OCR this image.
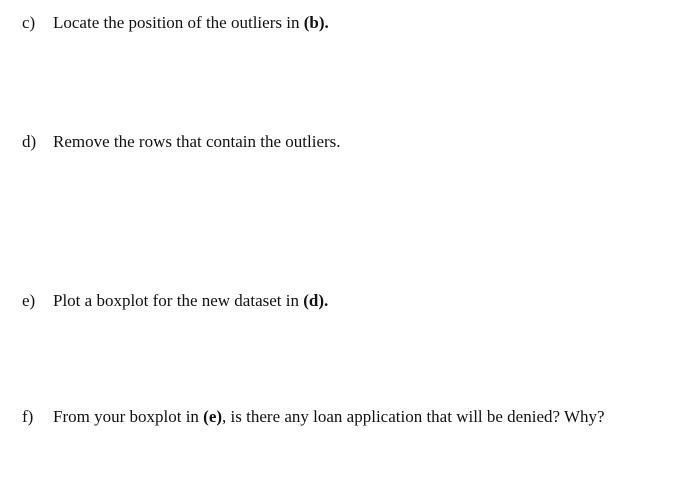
c)	Locate the position of the outliers in (b).
d) Remove the rows that contain the outliers.
e)	Plot a boxplot for the new dataset in (d).
f)	From your boxplot in (e), is there any loan application that will be denied? Why?
